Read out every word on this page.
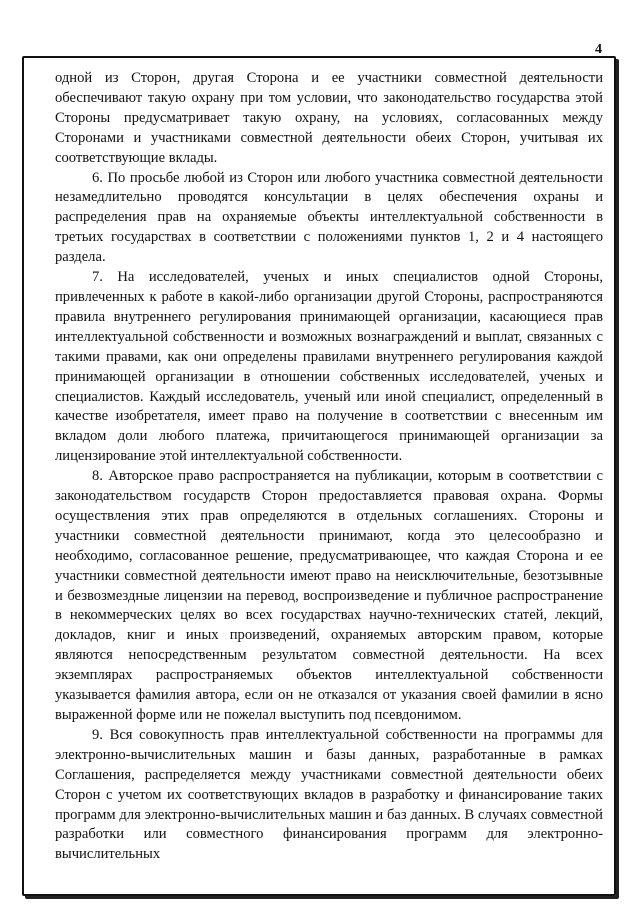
4

одной из Сторон, другая Сторона и ее участники совместной деятельности обеспечивают такую охрану при том условии, что законодательство государства этой Стороны предусматривает такую охрану, на условиях, согласованных между Сторонами и участниками совместной деятельности обеих Сторон, учитывая их соответствующие вклады.

6. По просьбе любой из Сторон или любого участника совместной деятельности незамедлительно проводятся консультации в целях обеспечения охраны и распределения прав на охраняемые объекты интеллектуальной собственности в третьих государствах в соответствии с положениями пунктов 1, 2 и 4 настоящего раздела.

7. На исследователей, ученых и иных специалистов одной Стороны, привлеченных к работе в какой-либо организации другой Стороны, распространяются правила внутреннего регулирования принимающей организации, касающиеся прав интеллектуальной собственности и возможных вознаграждений и выплат, связанных с такими правами, как они определены правилами внутреннего регулирования каждой принимающей организации в отношении собственных исследователей, ученых и специалистов. Каждый исследователь, ученый или иной специалист, определенный в качестве изобретателя, имеет право на получение в соответствии с внесенным им вкладом доли любого платежа, причитающегося принимающей организации за лицензирование этой интеллектуальной собственности.

8. Авторское право распространяется на публикации, которым в соответствии с законодательством государств Сторон предоставляется правовая охрана. Формы осуществления этих прав определяются в отдельных соглашениях. Стороны и участники совместной деятельности принимают, когда это целесообразно и необходимо, согласованное решение, предусматривающее, что каждая Сторона и ее участники совместной деятельности имеют право на неисключительные, безотзывные и безвозмездные лицензии на перевод, воспроизведение и публичное распространение в некоммерческих целях во всех государствах научно-технических статей, лекций, докладов, книг и иных произведений, охраняемых авторским правом, которые являются непосредственным результатом совместной деятельности. На всех экземплярах распространяемых объектов интеллектуальной собственности указывается фамилия автора, если он не отказался от указания своей фамилии в ясно выраженной форме или не пожелал выступить под псевдонимом.

9. Вся совокупность прав интеллектуальной собственности на программы для электронно-вычислительных машин и базы данных, разработанные в рамках Соглашения, распределяется между участниками совместной деятельности обеих Сторон с учетом их соответствующих вкладов в разработку и финансирование таких программ для электронно-вычислительных машин и баз данных. В случаях совместной разработки или совместного финансирования программ для электронно-вычислительных
